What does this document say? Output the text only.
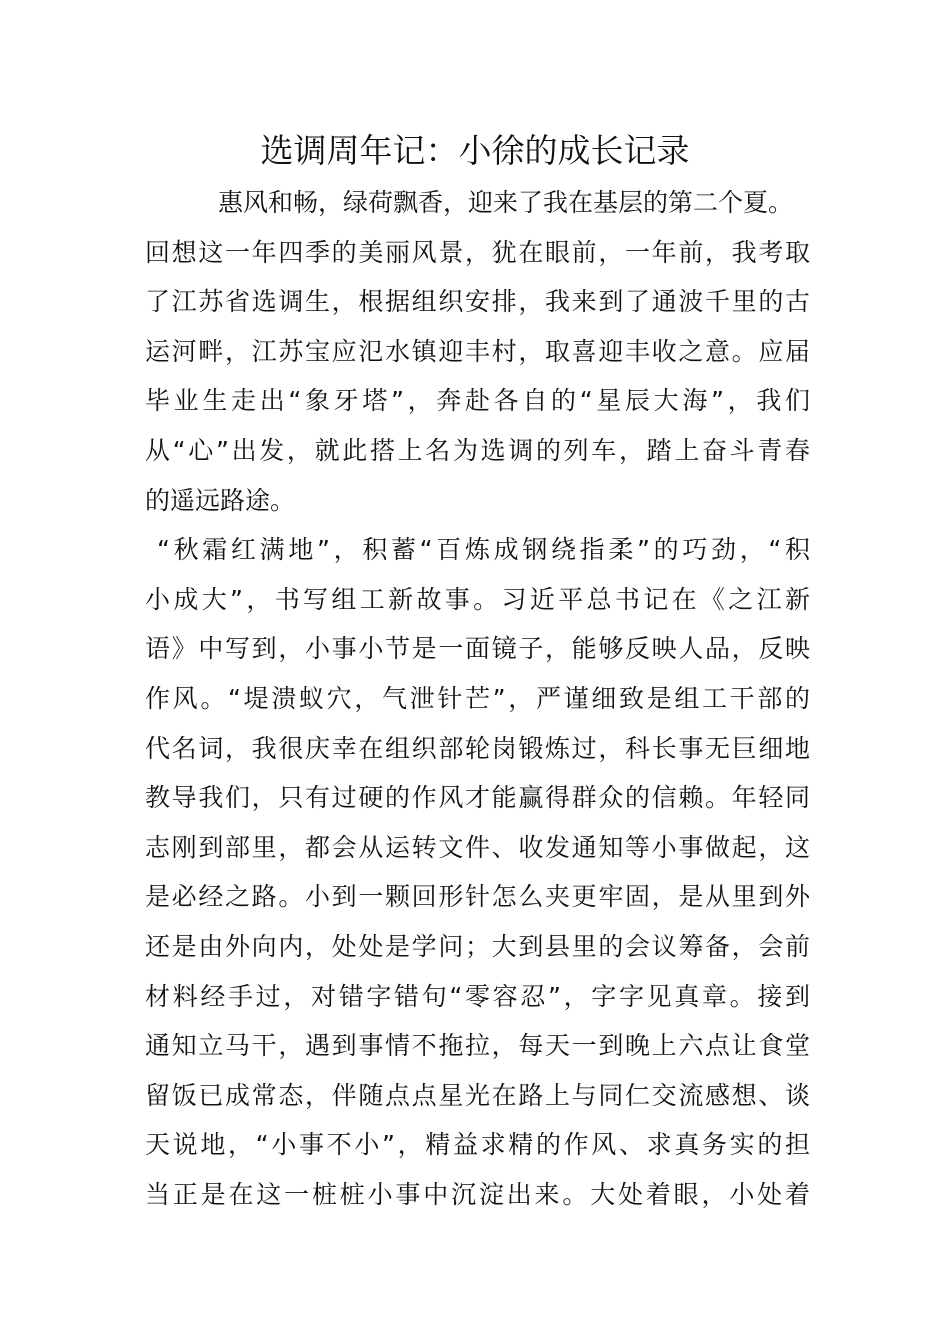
选调周年记：小徐的成长记录
惠风和畅，绿荷飘香，迎来了我在基层的第二个夏。
回想这一年四季的美丽风景，犹在眼前，一年前，我考取
了江苏省选调生，根据组织安排，我来到了通波千里的古
运河畔，江苏宝应氾水镇迎丰村，取喜迎丰收之意。应届
毕业生走出“象牙塔”，奔赴各自的“星辰大海”，我们
从“心”出发，就此搭上名为选调的列车，踏上奋斗青春
的遥远路途。
“秋霜红满地”，积蓄“百炼成钢绕指柔”的巧劲，“积
小成大”，书写组工新故事。习近平总书记在《之江新
语》中写到，小事小节是一面镜子，能够反映人品，反映
作风。“堤溃蚁穴，气泄针芒”，严谨细致是组工干部的
代名词，我很庆幸在组织部轮岗锻炼过，科长事无巨细地
教导我们，只有过硬的作风才能赢得群众的信赖。年轻同
志刚到部里，都会从运转文件、收发通知等小事做起，这
是必经之路。小到一颗回形针怎么夹更牢固，是从里到外
还是由外向内，处处是学问；大到县里的会议筹备，会前
材料经手过，对错字错句“零容忍”，字字见真章。接到
通知立马干，遇到事情不拖拉，每天一到晚上六点让食堂
留饭已成常态，伴随点点星光在路上与同仁交流感想、谈
天说地，“小事不小”，精益求精的作风、求真务实的担
当正是在这一桩桩小事中沉淀出来。大处着眼，小处着
